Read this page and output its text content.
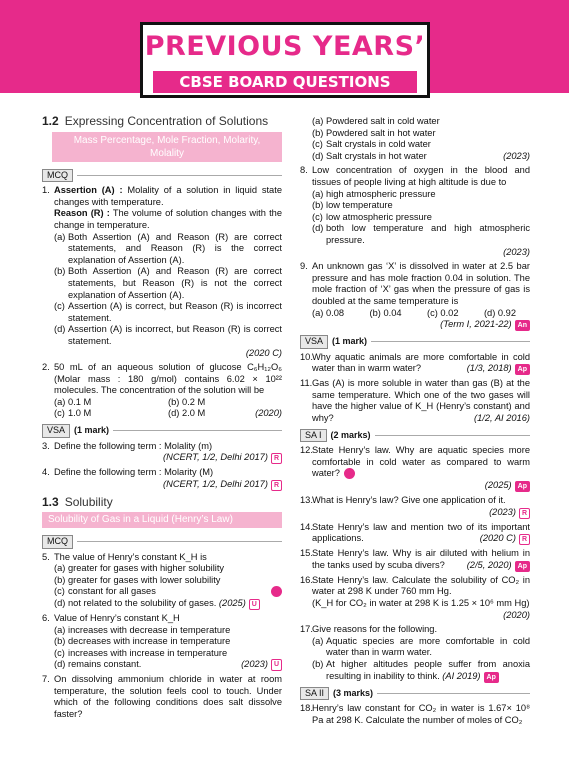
PREVIOUS YEARS’
CBSE BOARD QUESTIONS
1.2 Expressing Concentration of Solutions
Mass Percentage, Mole Fraction, Molarity, Molality
MCQ
1. Assertion (A) : Molality of a solution in liquid state changes with temperature.
Reason (R) : The volume of solution changes with the change in temperature.
(a) Both Assertion (A) and Reason (R) are correct statements, and Reason (R) is the correct explanation of Assertion (A).
(b) Both Assertion (A) and Reason (R) are correct statements, but Reason (R) is not the correct explanation of Assertion (A).
(c) Assertion (A) is correct, but Reason (R) is incorrect statement.
(d) Assertion (A) is incorrect, but Reason (R) is correct statement.
(2020 C)
2. 50 mL of an aqueous solution of glucose C₆H₁₂O₆ (Molar mass : 180 g/mol) contains 6.02 × 10²² molecules. The concentration of the solution will be
(a) 0.1 M	(b) 0.2 M
(c) 1.0 M	(d) 2.0 M	(2020)
VSA	(1 mark)
3. Define the following term : Molality (m)
(NCERT, 1/2, Delhi 2017) R
4. Define the following term : Molarity (M)
(NCERT, 1/2, Delhi 2017) R
1.3 Solubility
Solubility of Gas in a Liquid (Henry’s Law)
MCQ
5. The value of Henry’s constant K_H is
(a) greater for gases with higher solubility
(b) greater for gases with lower solubility
(c) constant for all gases
(d) not related to the solubility of gases. (2025) U
6. Value of Henry’s constant K_H
(a) increases with decrease in temperature
(b) decreases with increase in temperature
(c) increases with increase in temperature
(d) remains constant.	(2023) U
7. On dissolving ammonium chloride in water at room temperature, the solution feels cool to touch. Under which of the following conditions does salt dissolve faster?
(a) Powdered salt in cold water
(b) Powdered salt in hot water
(c) Salt crystals in cold water
(d) Salt crystals in hot water	(2023)
8. Low concentration of oxygen in the blood and tissues of people living at high altitude is due to
(a) high atmospheric pressure
(b) low temperature
(c) low atmospheric pressure
(d) both low temperature and high atmospheric pressure.
(2023)
9. An unknown gas ‘X’ is dissolved in water at 2.5 bar pressure and has mole fraction 0.04 in solution. The mole fraction of ‘X’ gas when the pressure of gas is doubled at the same temperature is
(a) 0.08	(b) 0.04	(c) 0.02	(d) 0.92
(Term I, 2021-22) An
VSA	(1 mark)
10. Why aquatic animals are more comfortable in cold water than in warm water?	(1/3, 2018) Ap
11. Gas (A) is more soluble in water than gas (B) at the same temperature. Which one of the two gases will have the higher value of K_H (Henry’s constant) and why?	(1/2, AI 2016)
SA I	(2 marks)
12. State Henry’s law. Why are aquatic species more comfortable in cold water as compared to warm water?
(2025) Ap
13. What is Henry’s law? Give one application of it.
(2023) R
14. State Henry’s law and mention two of its important applications.	(2020 C) R
15. State Henry’s law. Why is air diluted with helium in the tanks used by scuba divers? (2/5, 2020) Ap
16. State Henry’s law. Calculate the solubility of CO₂ in water at 298 K under 760 mm Hg.
(K_H for CO₂ in water at 298 K is 1.25 × 10⁶ mm Hg)
(2020)
17. Give reasons for the following.
(a) Aquatic species are more comfortable in cold water than in warm water.
(b) At higher altitudes people suffer from anoxia resulting in inability to think. (AI 2019) Ap
SA II	(3 marks)
18. Henry’s law constant for CO₂ in water is 1.67× 10⁸ Pa at 298 K. Calculate the number of moles of CO₂
